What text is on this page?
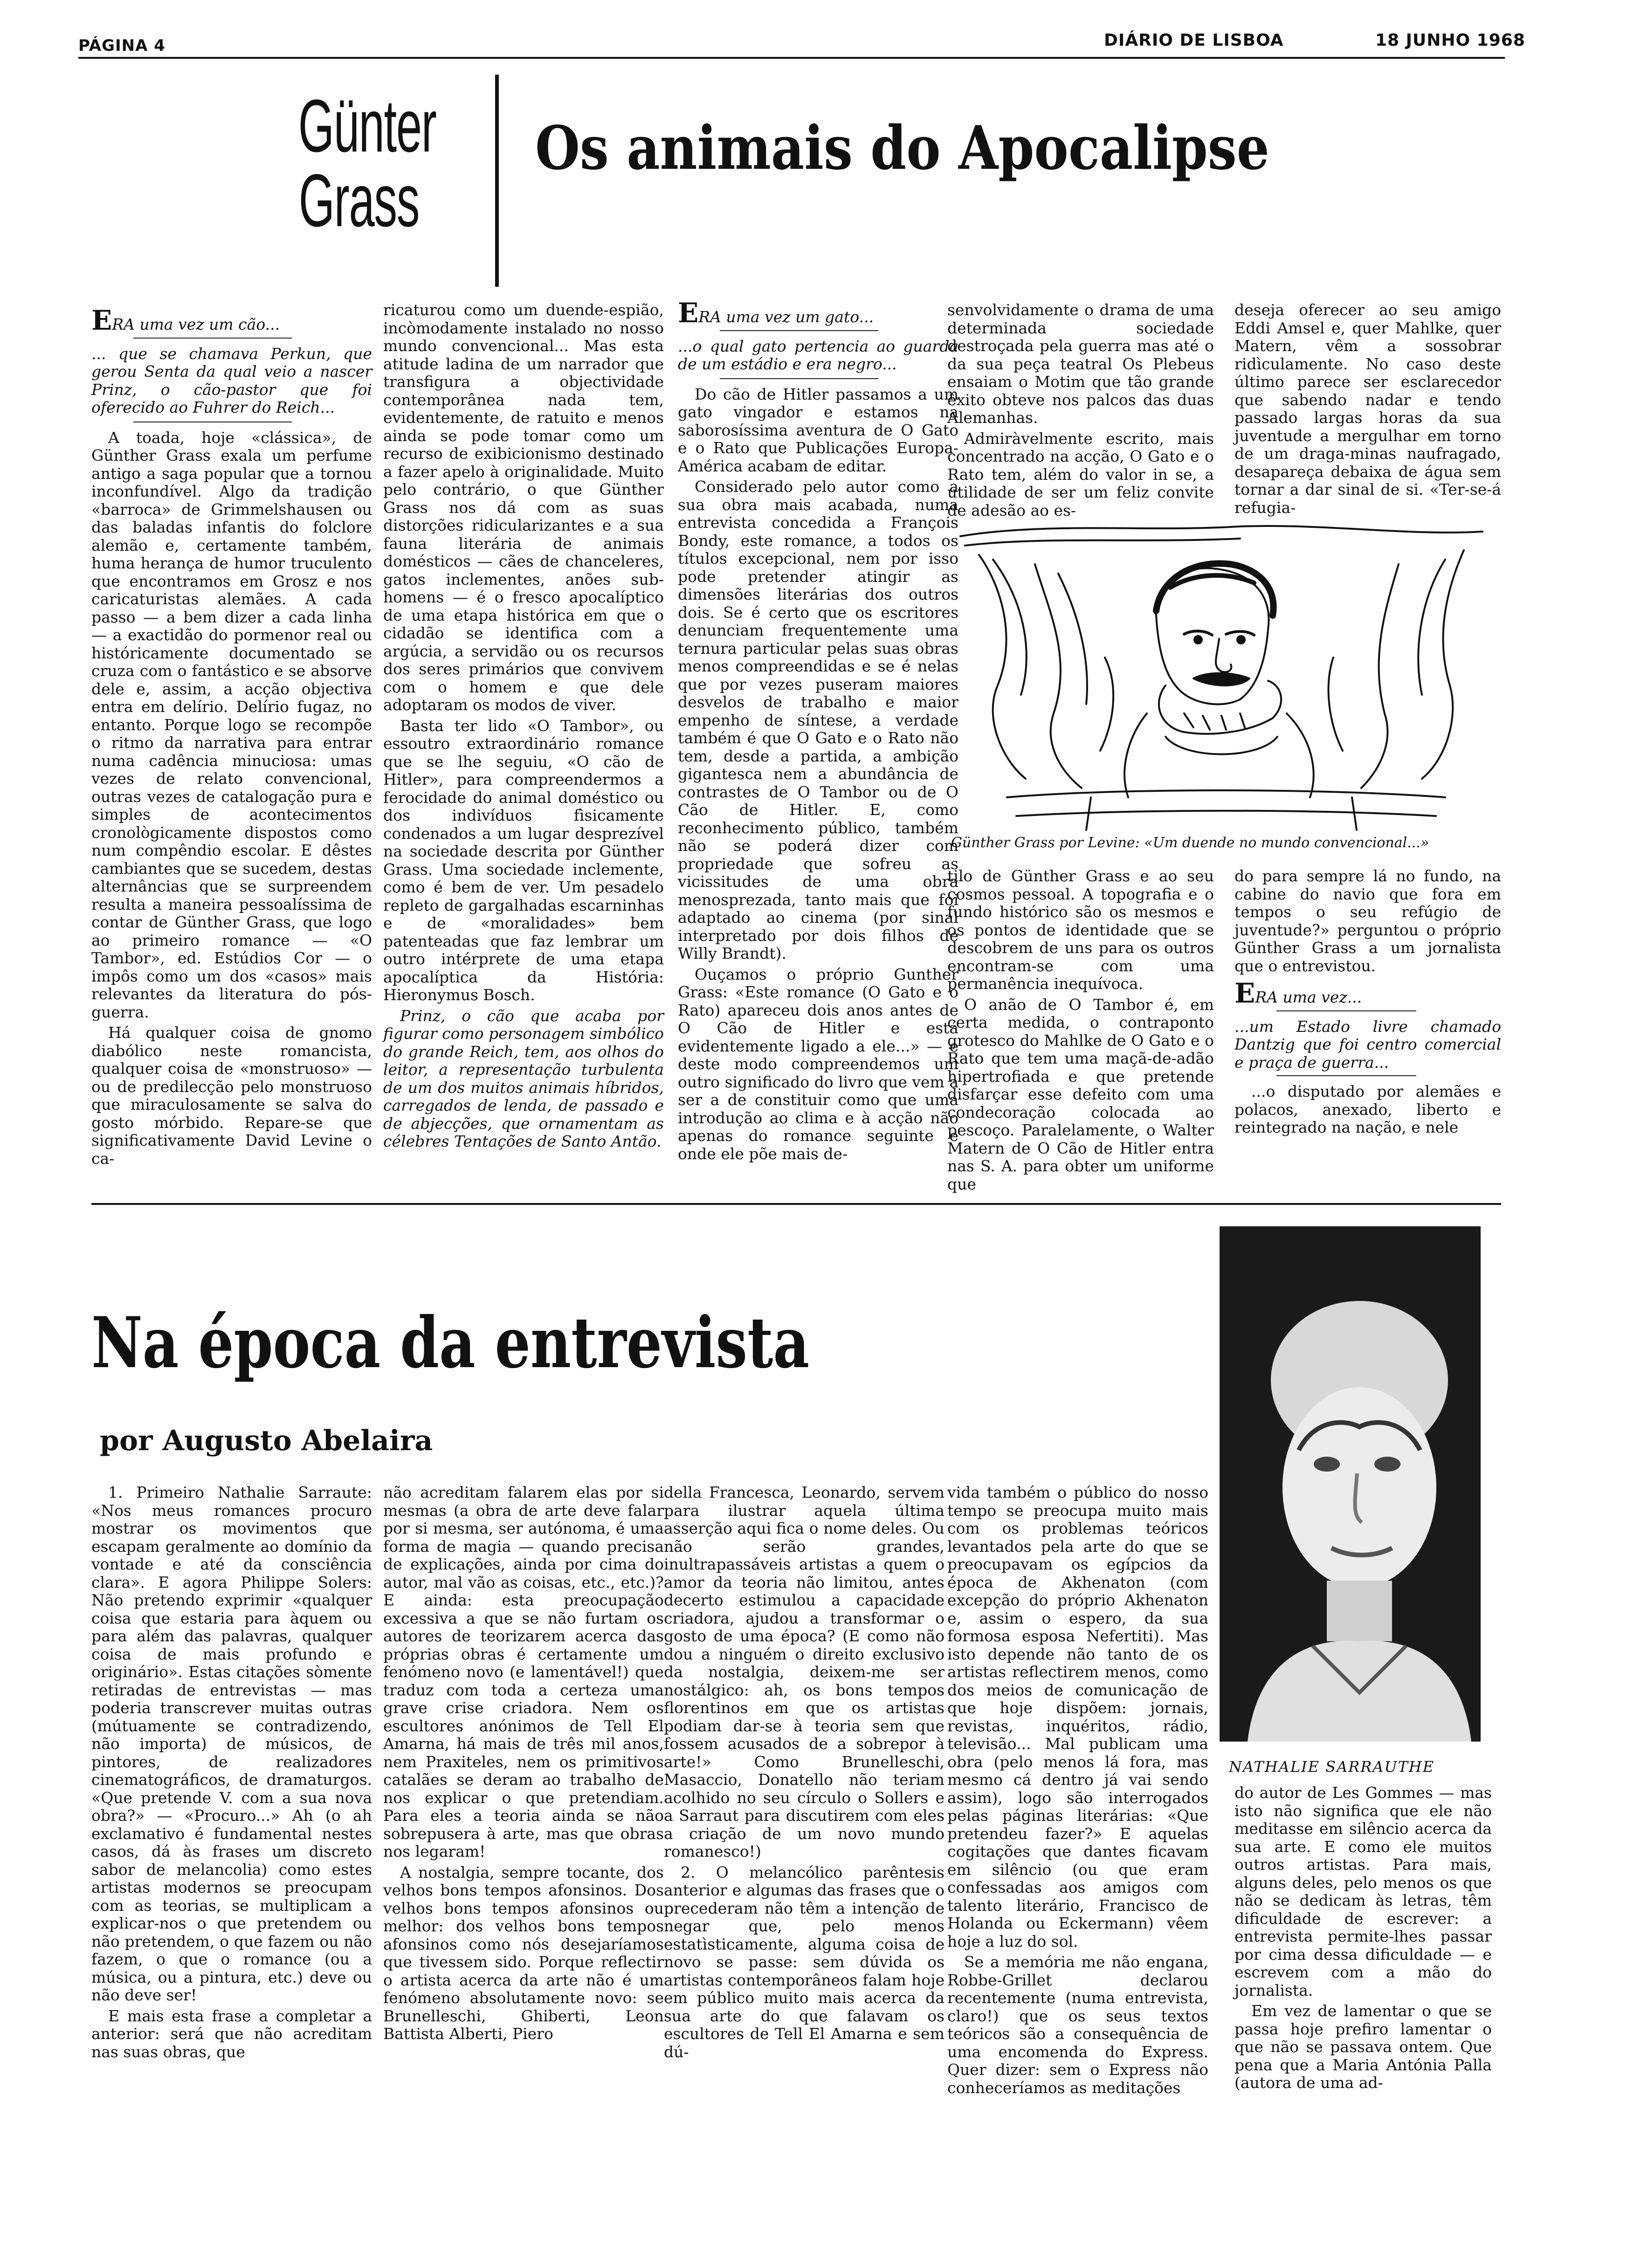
PÁGINA 4	DIÁRIO DE LISBOA	18 JUNHO 1968
Günter
Grass
Os animais do Apocalipse

ERA uma vez um cão...

... que se chamava Perkun, que gerou Senta da qual veio a nascer Prinz, o cão-pastor que foi oferecido ao Fuhrer do Reich...

A toada, hoje «clássica», de Günther Grass exala um perfume antigo a saga popular que a tornou inconfundível. Algo da tradição «barroca» de Grimmelshausen ou das baladas infantis do folclore alemão e, certamente também, huma herança de humor truculento que encontramos em Grosz e nos caricaturistas alemães. A cada passo — a bem dizer a cada linha — a exactidão do pormenor real ou históricamente documentado se cruza com o fantástico e se absorve dele e, assim, a acção objectiva entra em delírio. Delírio fugaz, no entanto. Porque logo se recompõe o ritmo da narrativa para entrar numa cadência minuciosa: umas vezes de relato convencional, outras vezes de catalogação pura e simples de acontecimentos cronològicamente dispostos como num compêndio escolar. E dêstes cambiantes que se sucedem, destas alternâncias que se surpreendem resulta a maneira pessoalíssima de contar de Günther Grass, que logo ao primeiro romance — «O Tambor», ed. Estúdios Cor — o impôs como um dos «casos» mais relevantes da literatura do pós-guerra.

Há qualquer coisa de gnomo diabólico neste romancista, qualquer coisa de «monstruoso» — ou de predilecção pelo monstruoso que miraculosamente se salva do gosto mórbido. Repare-se que significativamente David Levine o ca-

ricaturou como um duende-espião, incòmodamente instalado no nosso mundo convencional... Mas esta atitude ladina de um narrador que transfigura a objectividade contemporânea nada tem, evidentemente, de ratuito e menos ainda se pode tomar como um recurso de exibicionismo destinado a fazer apelo à originalidade. Muito pelo contrário, o que Günther Grass nos dá com as suas distorções ridicularizantes e a sua fauna literária de animais domésticos — cães de chanceleres, gatos inclementes, anões sub-homens — é o fresco apocalíptico de uma etapa histórica em que o cidadão se identifica com a argúcia, a servidão ou os recursos dos seres primários que convivem com o homem e que dele adoptaram os modos de viver.

Basta ter lido «O Tambor», ou essoutro extraordinário romance que se lhe seguiu, «O cão de Hitler», para compreendermos a ferocidade do animal doméstico ou dos indivíduos fìsicamente condenados a um lugar desprezível na sociedade descrita por Günther Grass. Uma sociedade inclemente, como é bem de ver. Um pesadelo repleto de gargalhadas escarninhas e de «moralidades» bem patenteadas que faz lembrar um outro intérprete de uma etapa apocalíptica da História: Hieronymus Bosch.

Prinz, o cão que acaba por figurar como personagem simbólico do grande Reich, tem, aos olhos do leitor, a representação turbulenta de um dos muitos animais híbridos, carregados de lenda, de passado e de abjecções, que ornamentam as célebres Tentações de Santo Antão.

ERA uma vez um gato...

...o qual gato pertencia ao guarda de um estádio e era negro...

Do cão de Hitler passamos a um gato vingador e estamos na saborosíssima aventura de O Gato e o Rato que Publicações Europa-América acabam de editar.

Considerado pelo autor como a sua obra mais acabada, numa entrevista concedida a François Bondy, este romance, a todos os títulos excepcional, nem por isso pode pretender atingir as dimensões literárias dos outros dois. Se é certo que os escritores denunciam frequentemente uma ternura particular pelas suas obras menos compreendidas e se é nelas que por vezes puseram maiores desvelos de trabalho e maior empenho de síntese, a verdade também é que O Gato e o Rato não tem, desde a partida, a ambição gigantesca nem a abundância de contrastes de O Tambor ou de O Cão de Hitler. E, como reconhecimento público, também não se poderá dizer com propriedade que sofreu as vicissitudes de uma obra menosprezada, tanto mais que foi adaptado ao cinema (por sinal interpretado por dois filhos de Willy Brandt).

Ouçamos o próprio Gunther Grass: «Este romance (O Gato e o Rato) apareceu dois anos antes de O Cão de Hitler e está evidentemente ligado a ele...» — e deste modo compreendemos um outro significado do livro que vem a ser a de constituir como que uma introdução ao clima e à acção não apenas do romance seguinte e onde ele põe mais de-

senvolvidamente o drama de uma determinada sociedade destroçada pela guerra mas até o da sua peça teatral Os Plebeus ensaiam o Motim que tão grande êxito obteve nos palcos das duas Alemanhas.

Admiràvelmente escrito, mais concentrado na acção, O Gato e o Rato tem, além do valor in se, a utilidade de ser um feliz convite de adesão ao es-

deseja oferecer ao seu amigo Eddi Amsel e, quer Mahlke, quer Matern, vêm a sossobrar ridìculamente. No caso deste último parece ser esclarecedor que sabendo nadar e tendo passado largas horas da sua juventude a mergulhar em torno de um draga-minas naufragado, desapareça debaixa de água sem tornar a dar sinal de si. «Ter-se-á refugia-

Günther Grass por Levine: «Um duende no mundo convencional...»

tilo de Günther Grass e ao seu cosmos pessoal. A topografia e o fundo histórico são os mesmos e os pontos de identidade que se descobrem de uns para os outros encontram-se com uma permanência inequívoca.

O anão de O Tambor é, em certa medida, o contraponto grotesco do Mahlke de O Gato e o Rato que tem uma maçã-de-adão hipertrofiada e que pretende disfarçar esse defeito com uma condecoração colocada ao pescoço. Paralelamente, o Walter Matern de O Cão de Hitler entra nas S. A. para obter um uniforme que

do para sempre lá no fundo, na cabine do navio que fora em tempos o seu refúgio de juventude?» perguntou o próprio Günther Grass a um jornalista que o entrevistou.

ERA uma vez...

...um Estado livre chamado Dantzig que foi centro comercial e praça de guerra...

...o disputado por alemães e polacos, anexado, liberto e reintegrado na nação, e nele

Na época da entrevista
por Augusto Abelaira
NATHALIE SARRAUTHE

1. Primeiro Nathalie Sarraute: «Nos meus romances procuro mostrar os movimentos que escapam geralmente ao domínio da vontade e até da consciência clara». E agora Philippe Solers: Não pretendo exprimir «qualquer coisa que estaria para àquem ou para além das palavras, qualquer coisa de mais profundo e originário». Estas citações sòmente retiradas de entrevistas — mas poderia transcrever muitas outras (mútuamente se contradizendo, não importa) de músicos, de pintores, de realizadores cinematográficos, de dramaturgos. «Que pretende V. com a sua nova obra?» — «Procuro...» Ah (o ah exclamativo é fundamental nestes casos, dá às frases um discreto sabor de melancolia) como estes artistas modernos se preocupam com as teorias, se multiplicam a explicar-nos o que pretendem ou não pretendem, o que fazem ou não fazem, o que o romance (ou a música, ou a pintura, etc.) deve ou não deve ser!

E mais esta frase a completar a anterior: será que não acreditam nas suas obras, que

não acreditam falarem elas por si mesmas (a obra de arte deve falar por si mesma, ser autónoma, é uma forma de magia — quando precisa de explicações, ainda por cima do autor, mal vão as coisas, etc., etc.)? E ainda: esta preocupação excessiva a que se não furtam os autores de teorizarem acerca das próprias obras é certamente um fenómeno novo (e lamentável!) que traduz com toda a certeza uma grave crise criadora. Nem os escultores anónimos de Tell El Amarna, há mais de três mil anos, nem Praxiteles, nem os primitivos catalães se deram ao trabalho de nos explicar o que pretendiam. Para eles a teoria ainda se não sobrepusera à arte, mas que obras nos legaram!

A nostalgia, sempre tocante, dos velhos bons tempos afonsinos. Dos velhos bons tempos afonsinos ou melhor: dos velhos bons tempos afonsinos como nós desejaríamos que tivessem sido. Porque reflectir o artista acerca da arte não é um fenómeno absolutamente novo: se Brunelleschi, Ghiberti, Leon Battista Alberti, Piero

della Francesca, Leonardo, servem para ilustrar aquela última asserção aqui fica o nome deles. Ou não serão grandes, inultrapassáveis artistas a quem o amor da teoria não limitou, antes decerto estimulou a capacidade criadora, ajudou a transformar o gosto de uma época? (E como não dou a ninguém o direito exclusivo da nostalgia, deixem-me ser nostálgico: ah, os bons tempos florentinos em que os artistas podiam dar-se à teoria sem que fossem acusados de a sobrepor à arte!» Como Brunelleschi, Masaccio, Donatello não teriam acolhido no seu círculo o Sollers e a Sarraut para discutirem com eles a criação de um novo mundo romanesco!)

2. O melancólico parêntesis anterior e algumas das frases que o precederam não têm a intenção de negar que, pelo menos estatìsticamente, alguma coisa de novo se passe: sem dúvida os artistas contemporâneos falam hoje em público muito mais acerca da sua arte do que falavam os escultores de Tell El Amarna e sem dú-

vida também o público do nosso tempo se preocupa muito mais com os problemas teóricos levantados pela arte do que se preocupavam os egípcios da época de Akhenaton (com excepção do próprio Akhenaton e, assim o espero, da sua formosa esposa Nefertiti). Mas isto depende não tanto de os artistas reflectirem menos, como dos meios de comunicação de que hoje dispõem: jornais, revistas, inquéritos, rádio, televisão... Mal publicam uma obra (pelo menos lá fora, mas mesmo cá dentro já vai sendo assim), logo são interrogados pelas páginas literárias: «Que pretendeu fazer?» E aquelas cogitações que dantes ficavam em silêncio (ou que eram confessadas aos amigos com talento literário, Francisco de Holanda ou Eckermann) vêem hoje a luz do sol.

Se a memória me não engana, Robbe-Grillet declarou recentemente (numa entrevista, claro!) que os seus textos teóricos são a consequência de uma encomenda do Express. Quer dizer: sem o Express não conheceríamos as meditações

do autor de Les Gommes — mas isto não significa que ele não meditasse em silêncio acerca da sua arte. E como ele muitos outros artistas. Para mais, alguns deles, pelo menos os que não se dedicam às letras, têm dificuldade de escrever: a entrevista permite-lhes passar por cima dessa dificuldade — e escrevem com a mão do jornalista.

Em vez de lamentar o que se passa hoje prefiro lamentar o que não se passava ontem. Que pena que a Maria Antónia Palla (autora de uma ad-
